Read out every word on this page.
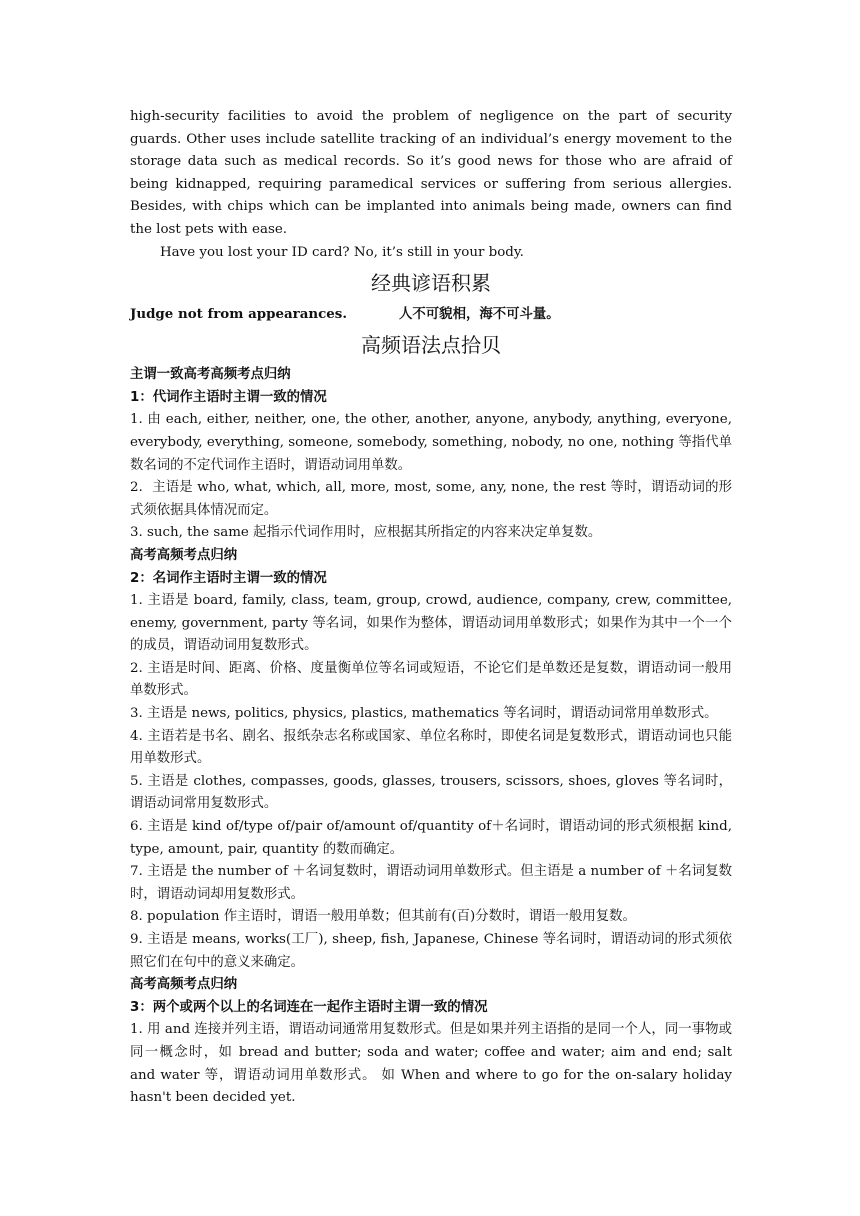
high-security facilities to avoid the problem of negligence on the part of security guards. Other uses include satellite tracking of an individual’s energy movement to the storage data such as medical records. So it’s good news for those who are afraid of being kidnapped, requiring paramedical services or suffering from serious allergies. Besides, with chips which can be implanted into animals being made, owners can find the lost pets with ease.

Have you lost your ID card? No, it’s still in your body.

经典谚语积累

Judge not from appearances.	人不可貌相，海不可斗量。

高频语法点拾贝

主谓一致高考高频考点归纳

1：代词作主语时主谓一致的情况

1. 由 each, either, neither, one, the other, another, anyone, anybody, anything, everyone, everybody, everything, someone, somebody, something, nobody, no one, nothing 等指代单数名词的不定代词作主语时，谓语动词用单数。

2．主语是 who, what, which, all, more, most, some, any, none, the rest 等时，谓语动词的形式须依据具体情况而定。

3. such, the same 起指示代词作用时，应根据其所指定的内容来决定单复数。

高考高频考点归纳

2：名词作主语时主谓一致的情况

1. 主语是 board, family, class, team, group, crowd, audience, company, crew, committee, enemy, government, party 等名词，如果作为整体，谓语动词用单数形式；如果作为其中一个一个的成员，谓语动词用复数形式。

2. 主语是时间、距离、价格、度量衡单位等名词或短语，不论它们是单数还是复数，谓语动词一般用单数形式。

3. 主语是 news, politics, physics, plastics, mathematics 等名词时，谓语动词常用单数形式。

4. 主语若是书名、剧名、报纸杂志名称或国家、单位名称时，即使名词是复数形式，谓语动词也只能用单数形式。

5. 主语是 clothes, compasses, goods, glasses, trousers, scissors, shoes, gloves 等名词时，谓语动词常用复数形式。

6. 主语是 kind of/type of/pair of/amount of/quantity of＋名词时，谓语动词的形式须根据 kind, type, amount, pair, quantity 的数而确定。

7. 主语是 the number of ＋名词复数时，谓语动词用单数形式。但主语是 a number of ＋名词复数时，谓语动词却用复数形式。

8. population 作主语时，谓语一般用单数；但其前有(百)分数时，谓语一般用复数。

9. 主语是 means, works(工厂), sheep, fish, Japanese, Chinese 等名词时，谓语动词的形式须依照它们在句中的意义来确定。

高考高频考点归纳

3：两个或两个以上的名词连在一起作主语时主谓一致的情况

1. 用 and 连接并列主语，谓语动词通常用复数形式。但是如果并列主语指的是同一个人，同一事物或同一概念时，如 bread and butter; soda and water; coffee and water; aim and end; salt and water 等，谓语动词用单数形式。 如 When and where to go for the on-salary holiday hasn't been decided yet.
